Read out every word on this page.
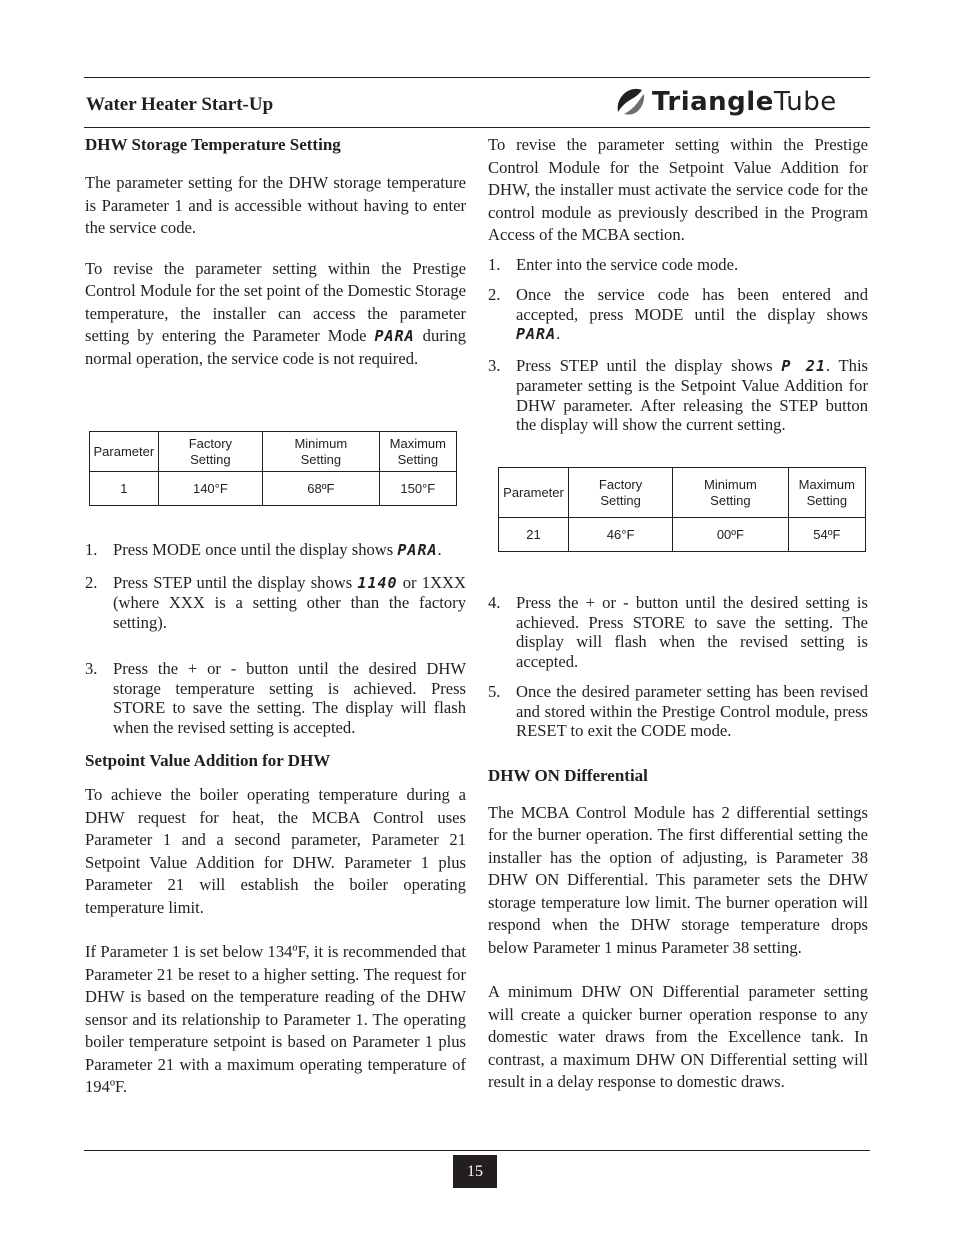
Water Heater Start-Up	TriangleTube

DHW Storage Temperature Setting

The parameter setting for the DHW storage temperature is Parameter 1 and is accessible without having to enter the service code.

To revise the parameter setting within the Prestige Control Module for the set point of the Domestic Storage temperature, the installer can access the parameter setting by entering the Parameter Mode PARA during normal operation, the service code is not required.

Parameter	Factory Setting	Minimum Setting	Maximum Setting
1	140°F	68ºF	150°F
1. Press MODE once until the display shows PARA.
2. Press STEP until the display shows 1140 or 1XXX (where XXX is a setting other than the factory setting).
3. Press the + or - button until the desired DHW storage temperature setting is achieved. Press STORE to save the setting. The display will flash when the revised setting is accepted.

Setpoint Value Addition for DHW

To achieve the boiler operating temperature during a DHW request for heat, the MCBA Control uses Parameter 1 and a second parameter, Parameter 21 Setpoint Value Addition for DHW. Parameter 1 plus Parameter 21 will establish the boiler operating temperature limit.

If Parameter 1 is set below 134ºF, it is recommended that Parameter 21 be reset to a higher setting. The request for DHW is based on the temperature reading of the DHW sensor and its relationship to Parameter 1. The operating boiler temperature setpoint is based on Parameter 1 plus Parameter 21 with a maximum operating temperature of 194ºF.

To revise the parameter setting within the Prestige Control Module for the Setpoint Value Addition for DHW, the installer must activate the service code for the control module as previously described in the Program Access of the MCBA section.

1. Enter into the service code mode.
2. Once the service code has been entered and accepted, press MODE until the display shows PARA.
3. Press STEP until the display shows P 21. This parameter setting is the Setpoint Value Addition for DHW parameter. After releasing the STEP button the display will show the current setting.
Parameter	Factory Setting	Minimum Setting	Maximum Setting
21	46°F	00ºF	54ºF
4. Press the + or - button until the desired setting is achieved. Press STORE to save the setting. The display will flash when the revised setting is accepted.
5. Once the desired parameter setting has been revised and stored within the Prestige Control module, press RESET to exit the CODE mode.

DHW ON Differential

The MCBA Control Module has 2 differential settings for the burner operation. The first differential setting the installer has the option of adjusting, is Parameter 38 DHW ON Differential. This parameter sets the DHW storage temperature low limit. The burner operation will respond when the DHW storage temperature drops below Parameter 1 minus Parameter 38 setting.

A minimum DHW ON Differential parameter setting will create a quicker burner operation response to any domestic water draws from the Excellence tank. In contrast, a maximum DHW ON Differential setting will result in a delay response to domestic draws.

15
